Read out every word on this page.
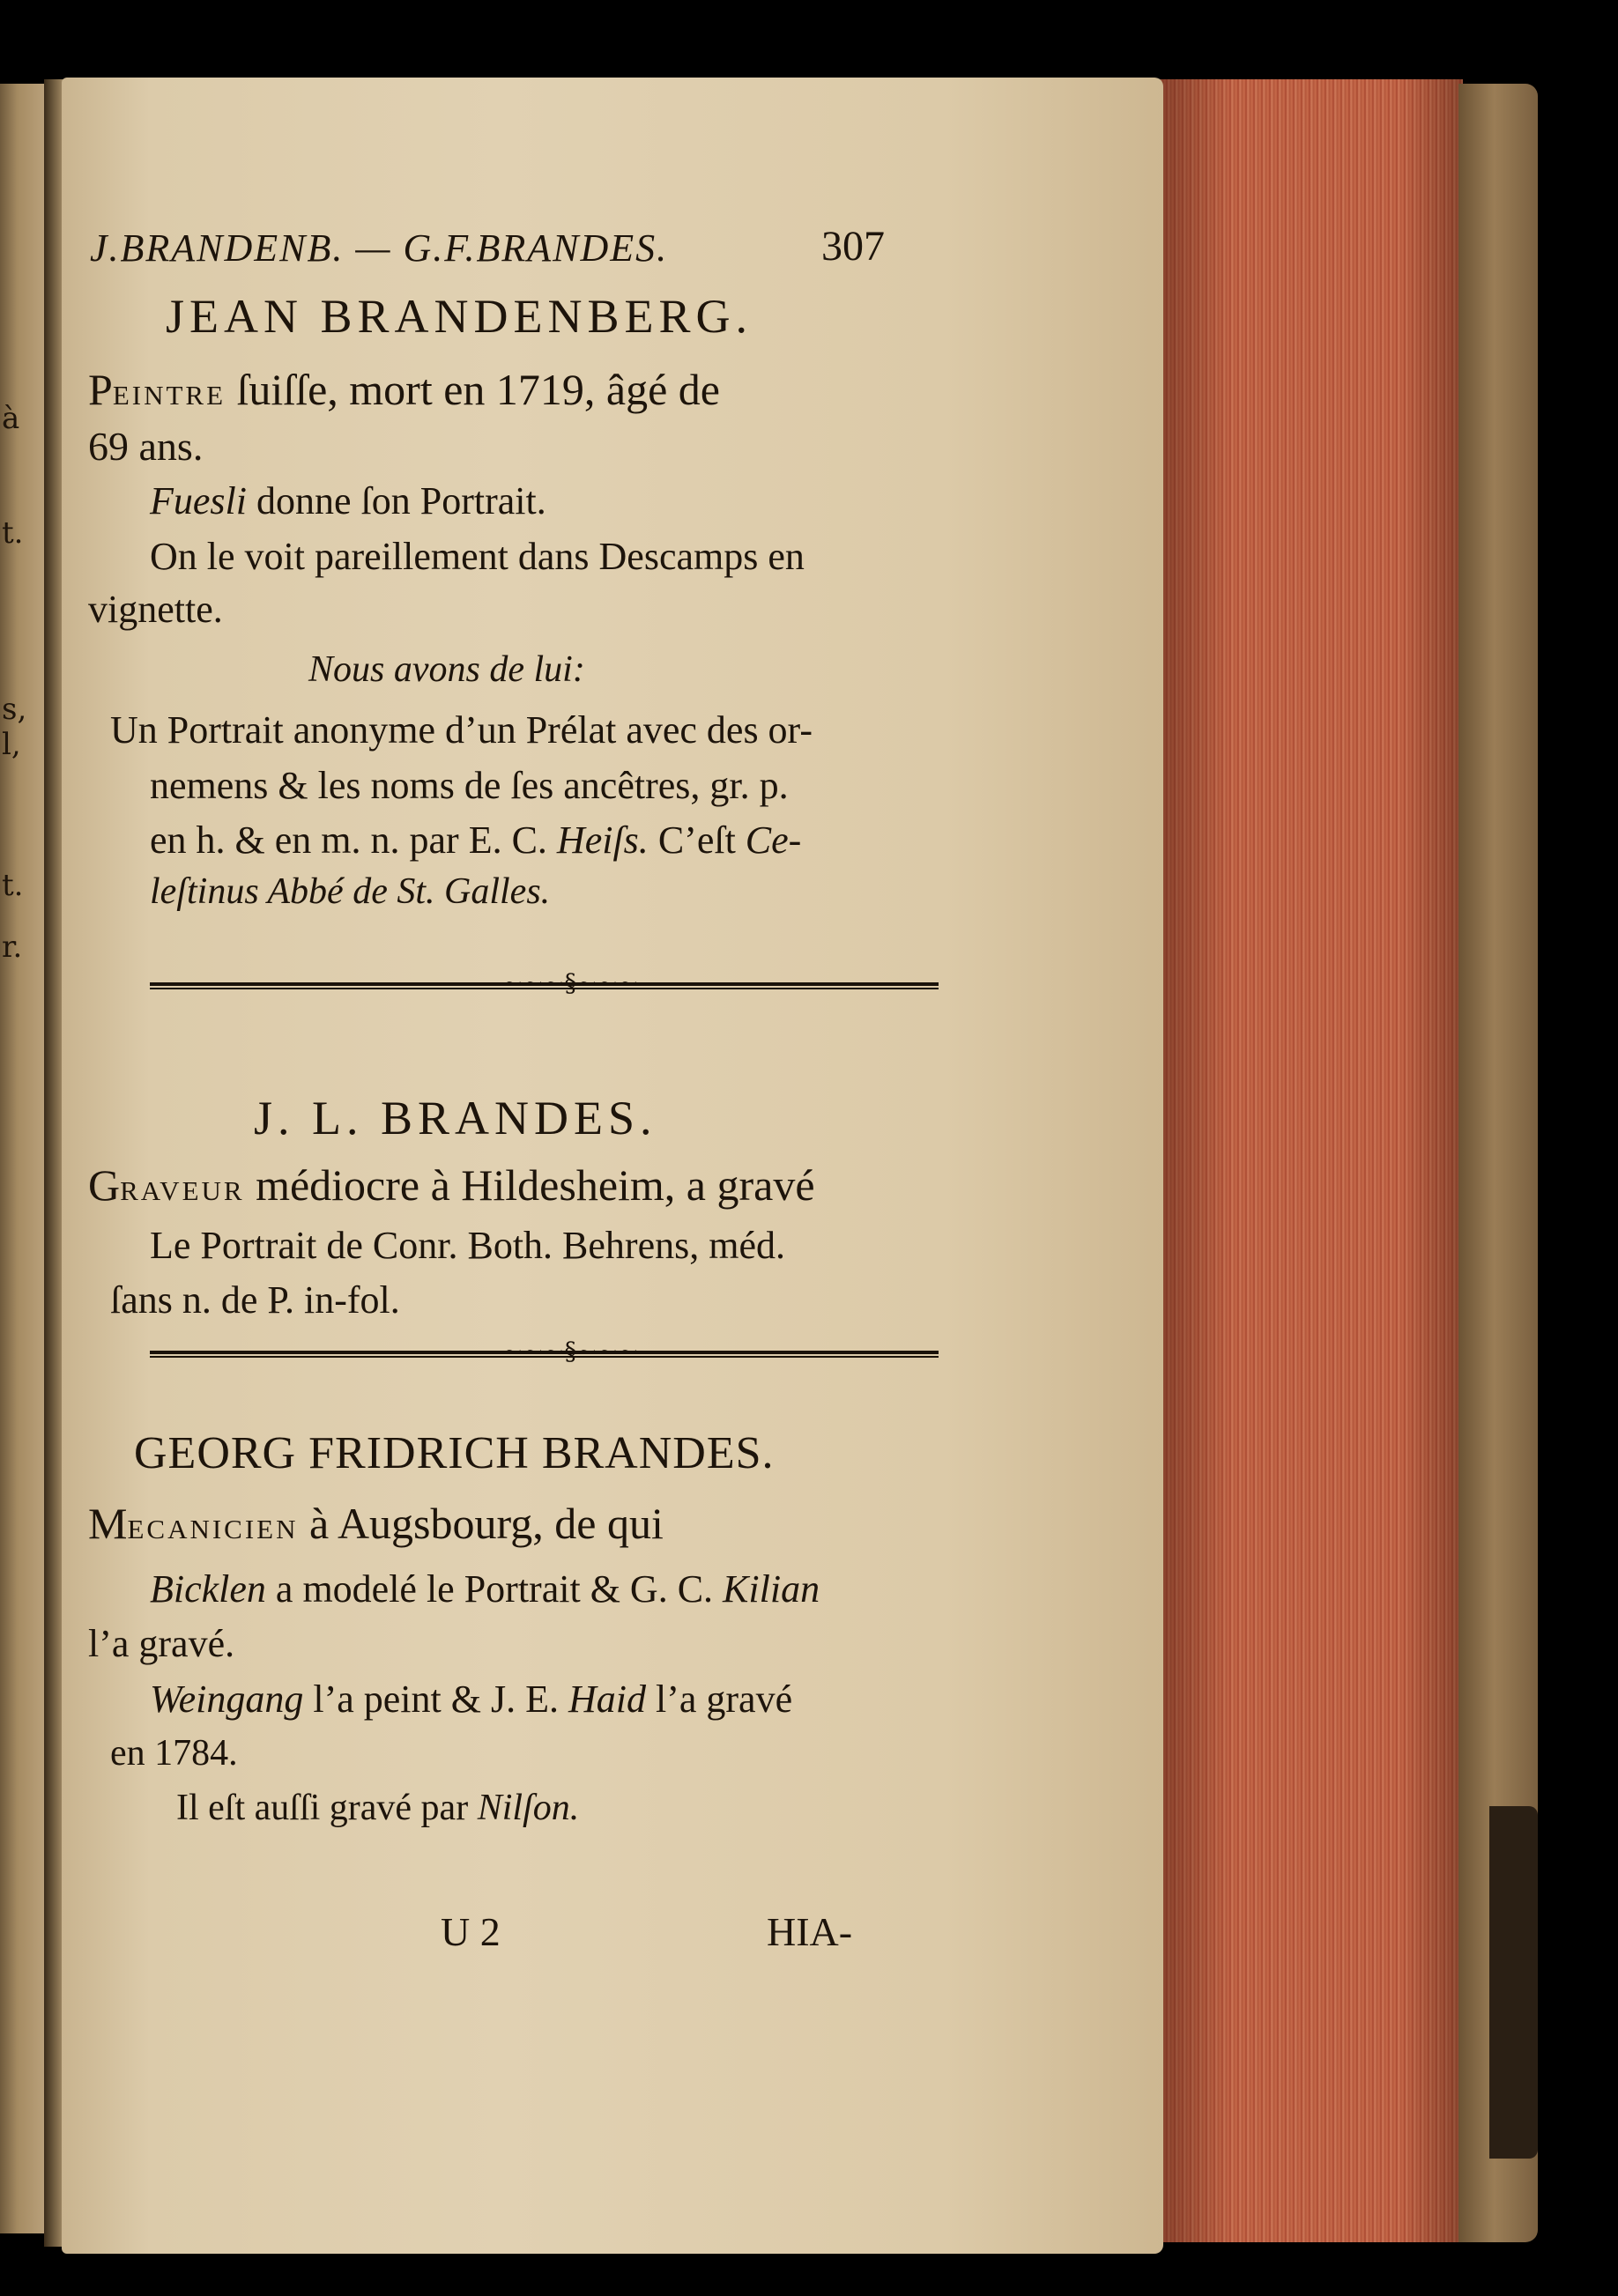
à
t.
s,
l,
t.
r.
J.BRANDENB. — G.F.BRANDES.	307
JEAN BRANDENBERG.
PEINTRE ſuiſſe, mort en 1719, âgé de
69 ans.
Fuesli donne ſon Portrait.
On le voit pareillement dans Descamps en
vignette.
Nous avons de lui:
Un Portrait anonyme d’un Prélat avec des or-
nemens & les noms de ſes ancêtres, gr. p.
en h. & en m. n. par E. C. Heiſs. C’eſt Ce-
leſtinus Abbé de St. Galles.
~~~§~~~
J. L. BRANDES.
GRAVEUR médiocre à Hildesheim, a gravé
Le Portrait de Conr. Both. Behrens, méd.
ſans n. de P. in-fol.
~~~§~~~
GEORG FRIDRICH BRANDES.
MECANICIEN à Augsbourg, de qui
Bicklen a modelé le Portrait & G. C. Kilian
l’a gravé.
Weingang l’a peint & J. E. Haid l’a gravé
en 1784.
Il eſt auſſi gravé par Nilſon.
U 2	HIA-
